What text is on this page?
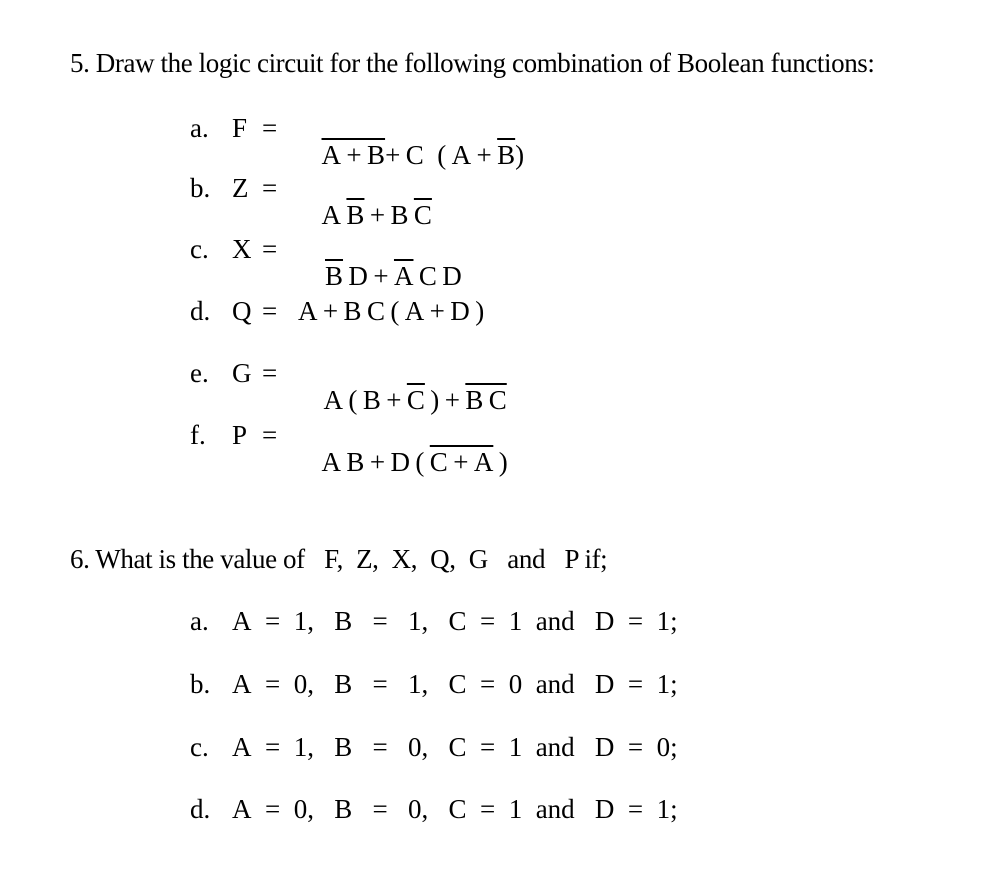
5. Draw the logic circuit for the following combination of Boolean functions:
a. F =

A + B+ C ( $A + \overline{B}$)

b. Z =

A $\overline{B} + B$ $\overline{C}$

c. X =

$\overline{B}$ $D + \overline{A}$ C D

d. Q = A + B C ( A + D )
e. G =

A ( $B + \overline{C}$ ) + B C

f. P =

A B + D ( C + A )

6. What is the value of  F, Z, X, Q, G  and  P if;
a. A = 1,  B  =  1,  C = 1 and  D = 1;
b. A = 0,  B  =  1,  C = 0 and  D = 1;
c. A = 1,  B  =  0,  C = 1 and  D = 0;
d. A = 0,  B  =  0,  C = 1 and  D = 1;
